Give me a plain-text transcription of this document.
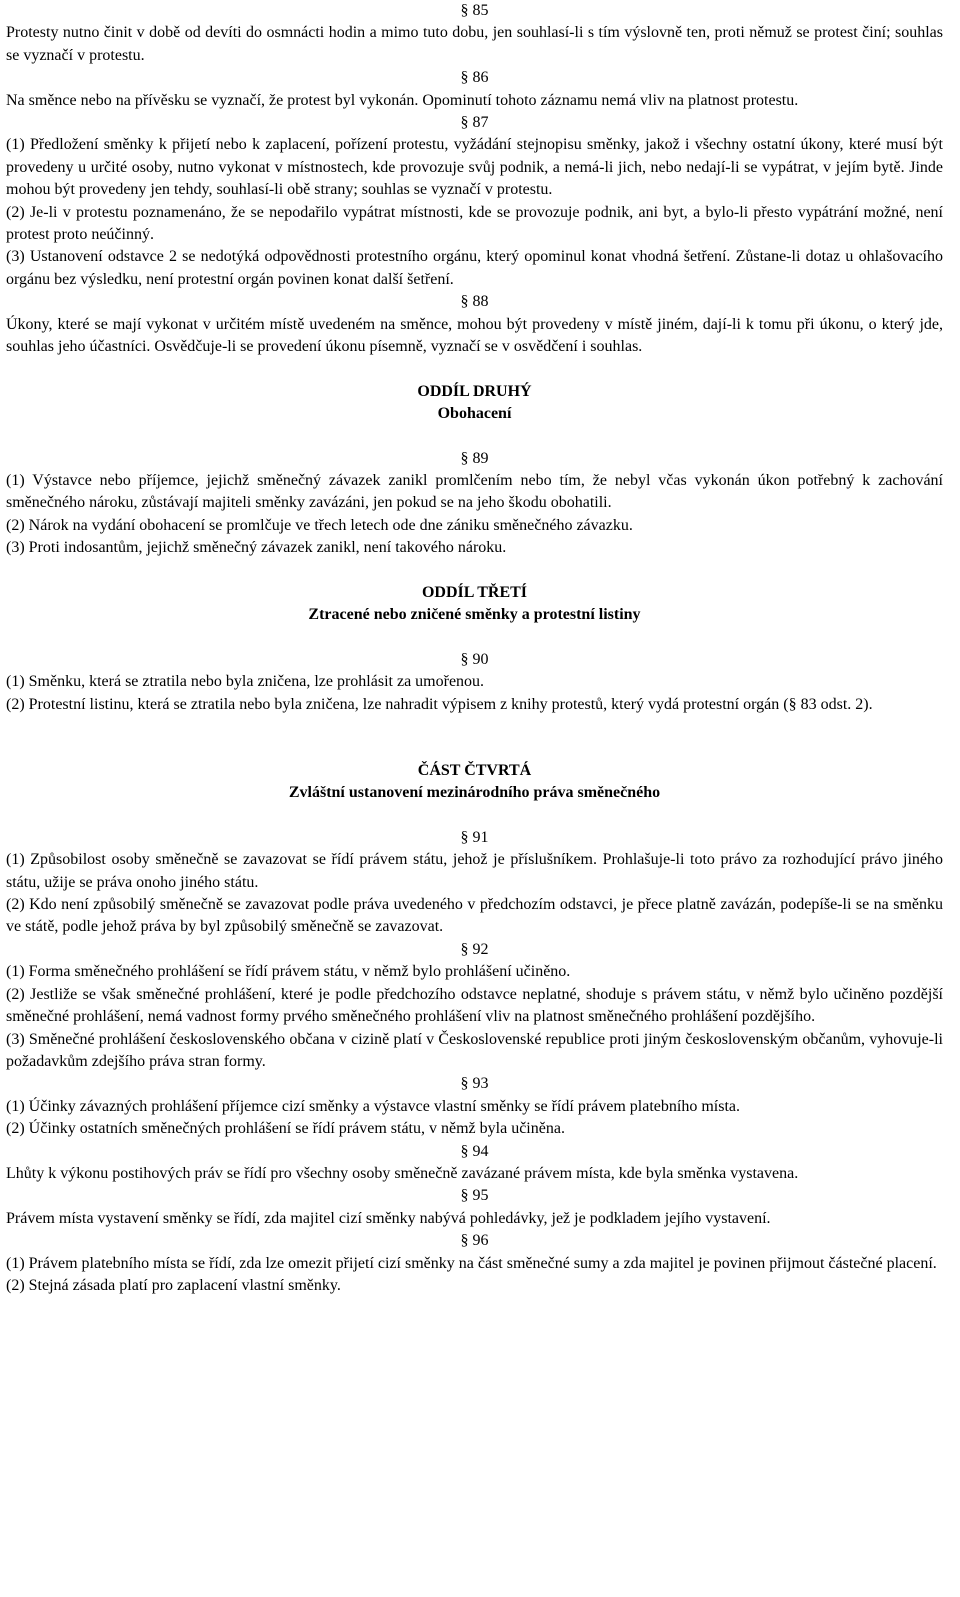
§ 85

Protesty nutno činit v době od devíti do osmnácti hodin a mimo tuto dobu, jen souhlasí-li s tím výslovně ten, proti němuž se protest činí; souhlas se vyznačí v protestu.

§ 86

Na směnce nebo na přívěsku se vyznačí, že protest byl vykonán. Opominutí tohoto záznamu nemá vliv na platnost protestu.

§ 87

(1) Předložení směnky k přijetí nebo k zaplacení, pořízení protestu, vyžádání stejnopisu směnky, jakož i všechny ostatní úkony, které musí být provedeny u určité osoby, nutno vykonat v místnostech, kde provozuje svůj podnik, a nemá-li jich, nebo nedají-li se vypátrat, v jejím bytě. Jinde mohou být provedeny jen tehdy, souhlasí-li obě strany; souhlas se vyznačí v protestu.

(2) Je-li v protestu poznamenáno, že se nepodařilo vypátrat místnosti, kde se provozuje podnik, ani byt, a bylo-li přesto vypátrání možné, není protest proto neúčinný.

(3) Ustanovení odstavce 2 se nedotýká odpovědnosti protestního orgánu, který opominul konat vhodná šetření. Zůstane-li dotaz u ohlašovacího orgánu bez výsledku, není protestní orgán povinen konat další šetření.

§ 88

Úkony, které se mají vykonat v určitém místě uvedeném na směnce, mohou být provedeny v místě jiném, dají-li k tomu při úkonu, o který jde, souhlas jeho účastníci. Osvědčuje-li se provedení úkonu písemně, vyznačí se v osvědčení i souhlas.

ODDÍL DRUHÝ

Obohacení

§ 89

(1) Výstavce nebo příjemce, jejichž směnečný závazek zanikl promlčením nebo tím, že nebyl včas vykonán úkon potřebný k zachování směnečného nároku, zůstávají majiteli směnky zavázáni, jen pokud se na jeho škodu obohatili.

(2) Nárok na vydání obohacení se promlčuje ve třech letech ode dne zániku směnečného závazku.

(3) Proti indosantům, jejichž směnečný závazek zanikl, není takového nároku.

ODDÍL TŘETÍ

Ztracené nebo zničené směnky a protestní listiny

§ 90

(1) Směnku, která se ztratila nebo byla zničena, lze prohlásit za umořenou.

(2) Protestní listinu, která se ztratila nebo byla zničena, lze nahradit výpisem z knihy protestů, který vydá protestní orgán (§ 83 odst. 2).

ČÁST ČTVRTÁ

Zvláštní ustanovení mezinárodního práva směnečného

§ 91

(1) Způsobilost osoby směnečně se zavazovat se řídí právem státu, jehož je příslušníkem. Prohlašuje-li toto právo za rozhodující právo jiného státu, užije se práva onoho jiného státu.

(2) Kdo není způsobilý směnečně se zavazovat podle práva uvedeného v předchozím odstavci, je přece platně zavázán, podepíše-li se na směnku ve státě, podle jehož práva by byl způsobilý směnečně se zavazovat.

§ 92

(1) Forma směnečného prohlášení se řídí právem státu, v němž bylo prohlášení učiněno.

(2) Jestliže se však směnečné prohlášení, které je podle předchozího odstavce neplatné, shoduje s právem státu, v němž bylo učiněno pozdější směnečné prohlášení, nemá vadnost formy prvého směnečného prohlášení vliv na platnost směnečného prohlášení pozdějšího.

(3) Směnečné prohlášení československého občana v cizině platí v Československé republice proti jiným československým občanům, vyhovuje-li požadavkům zdejšího práva stran formy.

§ 93

(1) Účinky závazných prohlášení příjemce cizí směnky a výstavce vlastní směnky se řídí právem platebního místa.

(2) Účinky ostatních směnečných prohlášení se řídí právem státu, v němž byla učiněna.

§ 94

Lhůty k výkonu postihových práv se řídí pro všechny osoby směnečně zavázané právem místa, kde byla směnka vystavena.

§ 95

Právem místa vystavení směnky se řídí, zda majitel cizí směnky nabývá pohledávky, jež je podkladem jejího vystavení.

§ 96

(1) Právem platebního místa se řídí, zda lze omezit přijetí cizí směnky na část směnečné sumy a zda majitel je povinen přijmout částečné placení.

(2) Stejná zásada platí pro zaplacení vlastní směnky.
